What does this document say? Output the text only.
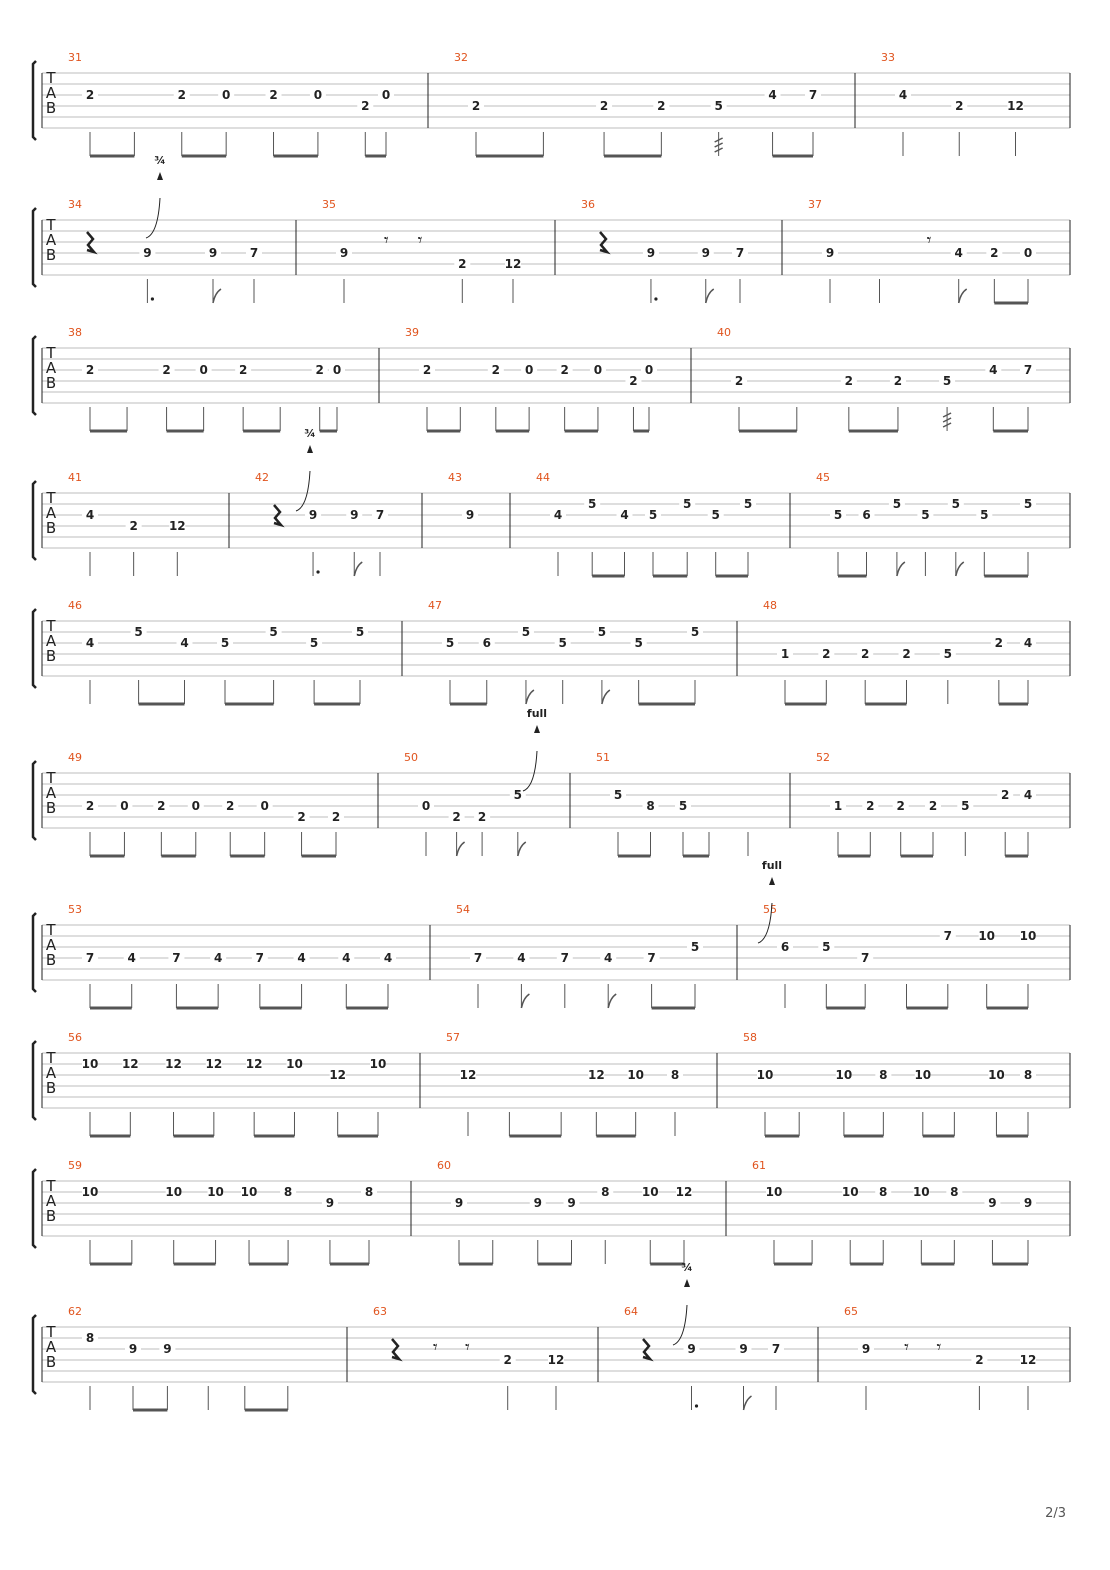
T
A
B
31
2	2	0	2	0
2
0
32
2	2	2	5
4	7
33
4
2	12
T
A
B
34
9	9	7
35
9
𝄾 𝄾
2	12
36
9	9 7
37
9
𝄾
4 2 0
¾
T
A
B
38
2	2 0	2	2 0
39
2	2 0 2 0
2
0
40
2	2	2	5
4 7
T
A
B
41
4
2	12
42
9	9 7
43
9
44
4
5
4 5
5
5
5
45
5 6
5
5
5
5
5
¾
T
A
B
46
4
5
4	5
5
5
5
47
5 6
5
5
5
5
5
48
1	2	2	2	5
2 4
T
A
B
49
2 0 2 0 2 0
2 2
50
0
2 2
5
51
5
8 5
52
1 2 2 2 5
2 4
full
T
A
B
53
7	4	7	4	7	4	4	4
54
7	4	7	4	7
5
55
6	5
7
7 10 10
full
T
A
B
56
10 12 12 12 12 10
12
10
57
12	12 10 8
58
10	10 8 10	10 8
T
A
B
59
10	10 10 10 8
9
8
60
9	9 9
8	10 12
61
10	10 8 10 8
9 9
T
A
B
62
8
9 9
63
𝄾 𝄾
2	12
64
9	9 7
65
9 𝄾 𝄾
2	12
¾
2/3
